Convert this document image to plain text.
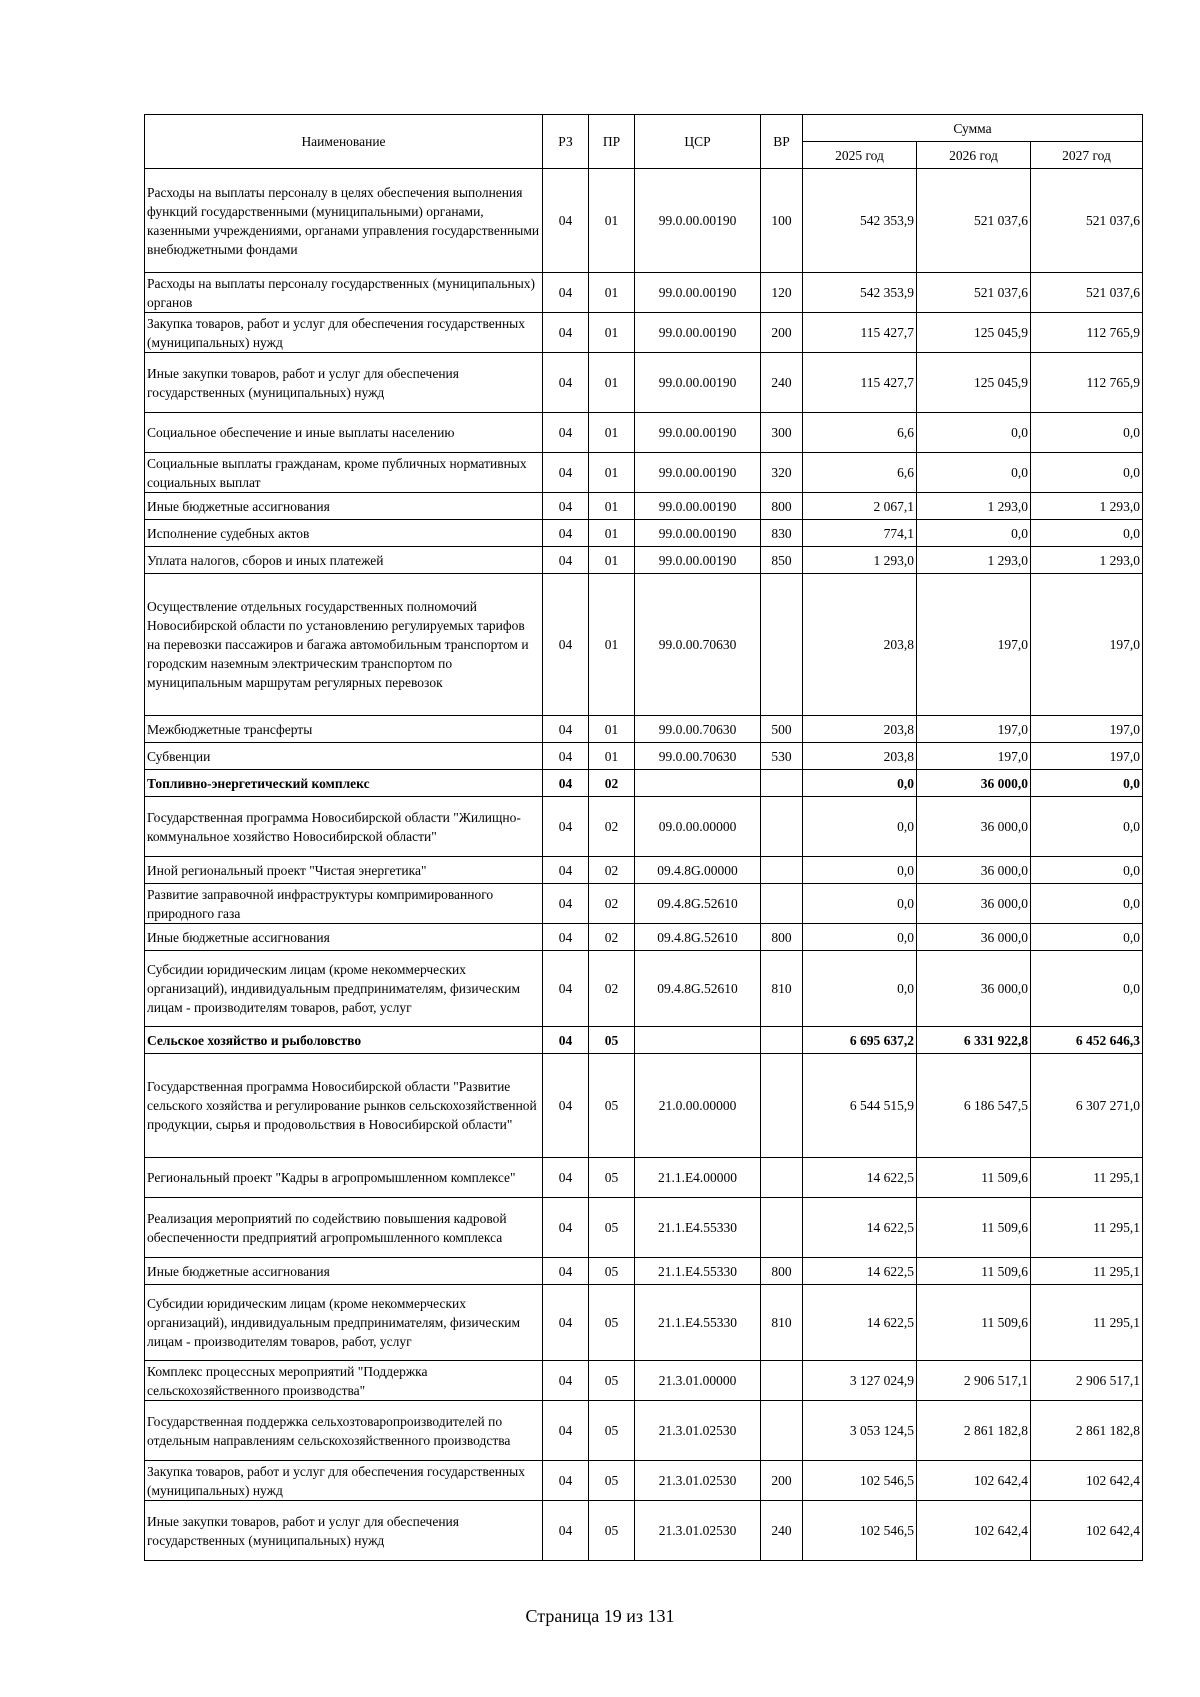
Наименование	РЗ	ПР	ЦСР	ВР	Сумма		
					2025 год	2026 год	2027 год
Расходы на выплаты персоналу в целях обеспечения выполнения функций государственными (муниципальными) органами, казенными учреждениями, органами управления государственными внебюджетными фондами	04	01	99.0.00.00190	100	542 353,9	521 037,6	521 037,6
Расходы на выплаты персоналу государственных (муниципальных) органов	04	01	99.0.00.00190	120	542 353,9	521 037,6	521 037,6
Закупка товаров, работ и услуг для обеспечения государственных (муниципальных) нужд	04	01	99.0.00.00190	200	115 427,7	125 045,9	112 765,9
Иные закупки товаров, работ и услуг для обеспечения государственных (муниципальных) нужд	04	01	99.0.00.00190	240	115 427,7	125 045,9	112 765,9
Социальное обеспечение и иные выплаты населению	04	01	99.0.00.00190	300	6,6	0,0	0,0
Социальные выплаты гражданам, кроме публичных нормативных социальных выплат	04	01	99.0.00.00190	320	6,6	0,0	0,0
Иные бюджетные ассигнования	04	01	99.0.00.00190	800	2 067,1	1 293,0	1 293,0
Исполнение судебных актов	04	01	99.0.00.00190	830	774,1	0,0	0,0
Уплата налогов, сборов и иных платежей	04	01	99.0.00.00190	850	1 293,0	1 293,0	1 293,0
Осуществление отдельных государственных полномочий Новосибирской области по установлению регулируемых тарифов на перевозки пассажиров и багажа автомобильным транспортом и городским наземным электрическим транспортом по муниципальным маршрутам регулярных перевозок	04	01	99.0.00.70630		203,8	197,0	197,0
Межбюджетные трансферты	04	01	99.0.00.70630	500	203,8	197,0	197,0
Субвенции	04	01	99.0.00.70630	530	203,8	197,0	197,0
Топливно-энергетический комплекс	04	02			0,0	36 000,0	0,0
Государственная программа Новосибирской области "Жилищно-коммунальное хозяйство Новосибирской области"	04	02	09.0.00.00000		0,0	36 000,0	0,0
Иной региональный проект "Чистая энергетика"	04	02	09.4.8G.00000		0,0	36 000,0	0,0
Развитие заправочной инфраструктуры компримированного природного газа	04	02	09.4.8G.52610		0,0	36 000,0	0,0
Иные бюджетные ассигнования	04	02	09.4.8G.52610	800	0,0	36 000,0	0,0
Субсидии юридическим лицам (кроме некоммерческих организаций), индивидуальным предпринимателям, физическим лицам - производителям товаров, работ, услуг	04	02	09.4.8G.52610	810	0,0	36 000,0	0,0
Сельское хозяйство и рыболовство	04	05			6 695 637,2	6 331 922,8	6 452 646,3
Государственная программа Новосибирской области "Развитие сельского хозяйства и регулирование рынков сельскохозяйственной продукции, сырья и продовольствия в Новосибирской области"	04	05	21.0.00.00000		6 544 515,9	6 186 547,5	6 307 271,0
Региональный проект "Кадры в агропромышленном комплексе"	04	05	21.1.Е4.00000		14 622,5	11 509,6	11 295,1
Реализация мероприятий по содействию повышения кадровой обеспеченности предприятий агропромышленного комплекса	04	05	21.1.Е4.55330		14 622,5	11 509,6	11 295,1
Иные бюджетные ассигнования	04	05	21.1.Е4.55330	800	14 622,5	11 509,6	11 295,1
Субсидии юридическим лицам (кроме некоммерческих организаций), индивидуальным предпринимателям, физическим лицам - производителям товаров, работ, услуг	04	05	21.1.Е4.55330	810	14 622,5	11 509,6	11 295,1
Комплекс процессных мероприятий "Поддержка сельскохозяйственного производства"	04	05	21.3.01.00000		3 127 024,9	2 906 517,1	2 906 517,1
Государственная поддержка сельхозтоваропроизводителей по отдельным направлениям сельскохозяйственного производства	04	05	21.3.01.02530		3 053 124,5	2 861 182,8	2 861 182,8
Закупка товаров, работ и услуг для обеспечения государственных (муниципальных) нужд	04	05	21.3.01.02530	200	102 546,5	102 642,4	102 642,4
Иные закупки товаров, работ и услуг для обеспечения государственных (муниципальных) нужд	04	05	21.3.01.02530	240	102 546,5	102 642,4	102 642,4
Страница 19 из 131
